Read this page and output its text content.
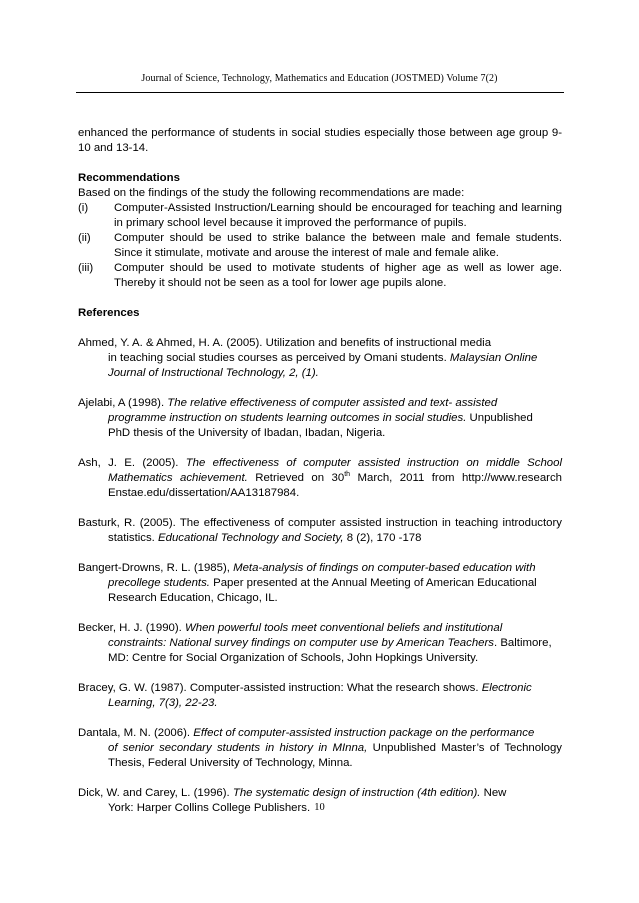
Journal of Science, Technology, Mathematics and Education (JOSTMED) Volume 7(2)

enhanced the performance of students in social studies especially those between age group 9-

10 and 13-14.

Recommendations

Based on the findings of the study the following recommendations are made:

(i)	Computer-Assisted Instruction/Learning should be encouraged for teaching and learning in primary school level because it improved the performance of pupils.
(ii)	Computer should be used to strike balance the between male and female students. Since it stimulate, motivate and arouse the interest of male and female alike.
(iii)	Computer should be used to motivate students of higher age as well as lower age. Thereby it should not be seen as a tool for lower age pupils alone.

References

Ahmed, Y. A. & Ahmed, H. A. (2005). Utilization and benefits of instructional media
in teaching social studies courses as perceived by Omani students. Malaysian Online
Journal of Instructional Technology, 2, (1).

Ajelabi, A (1998). The relative effectiveness of computer assisted and text- assisted
programme instruction on students learning outcomes in social studies. Unpublished
PhD thesis of the University of Ibadan, Ibadan, Nigeria.

Ash, J. E. (2005). The effectiveness of computer assisted instruction on middle School
Mathematics achievement. Retrieved on 30th March, 2011 from http://www.research
Enstae.edu/dissertation/AA13187984.

Basturk, R. (2005). The effectiveness of computer assisted instruction in teaching introductory
statistics. Educational Technology and Society, 8 (2), 170 -178

Bangert-Drowns, R. L. (1985), Meta-analysis of findings on computer-based education with
precollege students. Paper presented at the Annual Meeting of American Educational
Research Education, Chicago, IL.

Becker, H. J. (1990). When powerful tools meet conventional beliefs and institutional
constraints: National survey findings on computer use by American Teachers. Baltimore,
MD: Centre for Social Organization of Schools, John Hopkings University.

Bracey, G. W. (1987). Computer-assisted instruction: What the research shows. Electronic
Learning, 7(3), 22-23.

Dantala, M. N. (2006). Effect of computer-assisted instruction package on the performance
of senior secondary students in history in MInna, Unpublished Master’s of Technology
Thesis, Federal University of Technology, Minna.

Dick, W. and Carey, L. (1996). The systematic design of instruction (4th edition). New
York: Harper Collins College Publishers. 10
